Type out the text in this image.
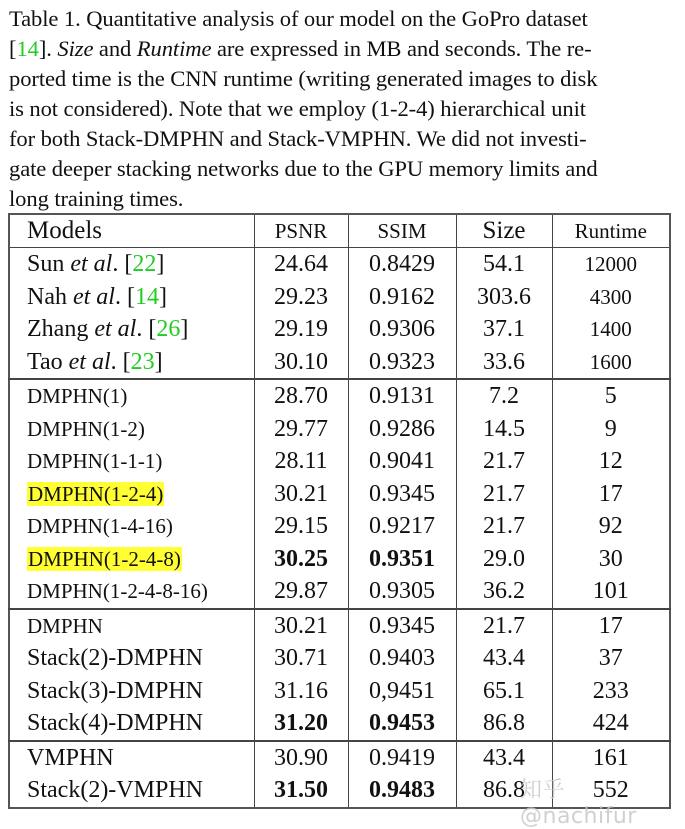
Table 1. Quantitative analysis of our model on the GoPro dataset
[14]. Size and Runtime are expressed in MB and seconds. The re-
ported time is the CNN runtime (writing generated images to disk
is not considered). Note that we employ (1-2-4) hierarchical unit
for both Stack-DMPHN and Stack-VMPHN. We did not investi-
gate deeper stacking networks due to the GPU memory limits and
long training times.
Models	PSNR	SSIM	Size	Runtime
Sun et al. [22]	24.64	0.8429	54.1	12000
Nah et al. [14]	29.23	0.9162	303.6	4300
Zhang et al. [26]	29.19	0.9306	37.1	1400
Tao et al. [23]	30.10	0.9323	33.6	1600
DMPHN(1)	28.70	0.9131	7.2	5
DMPHN(1-2)	29.77	0.9286	14.5	9
DMPHN(1-1-1)	28.11	0.9041	21.7	12
DMPHN(1-2-4)	30.21	0.9345	21.7	17
DMPHN(1-4-16)	29.15	0.9217	21.7	92
DMPHN(1-2-4-8)	30.25	0.9351	29.0	30
DMPHN(1-2-4-8-16)	29.87	0.9305	36.2	101
DMPHN	30.21	0.9345	21.7	17
Stack(2)-DMPHN	30.71	0.9403	43.4	37
Stack(3)-DMPHN	31.16	0,9451	65.1	233
Stack(4)-DMPHN	31.20	0.9453	86.8	424
VMPHN	30.90	0.9419	43.4	161
Stack(2)-VMPHN	31.50	0.9483	86.8	552
知乎 @nachifur
